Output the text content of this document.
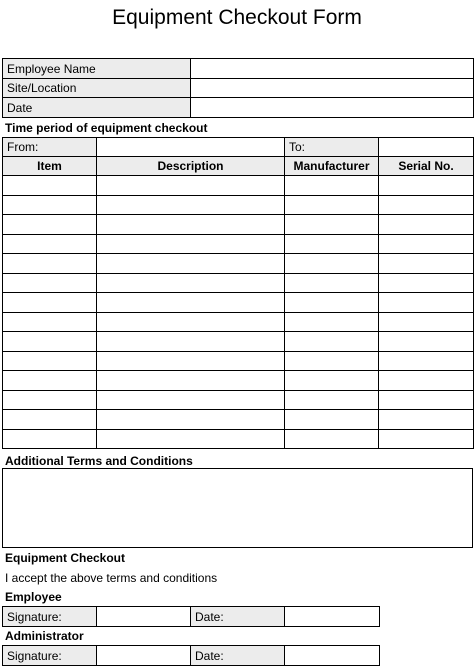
Equipment Checkout Form
Employee Name	
Site/Location	
Date	
Time period of equipment checkout
From:		To:	
Item	Description	Manufacturer	Serial No.

Additional Terms and Conditions
Equipment Checkout
I accept the above terms and conditions
Employee
Signature:		Date:	
Administrator
Signature:		Date:	
